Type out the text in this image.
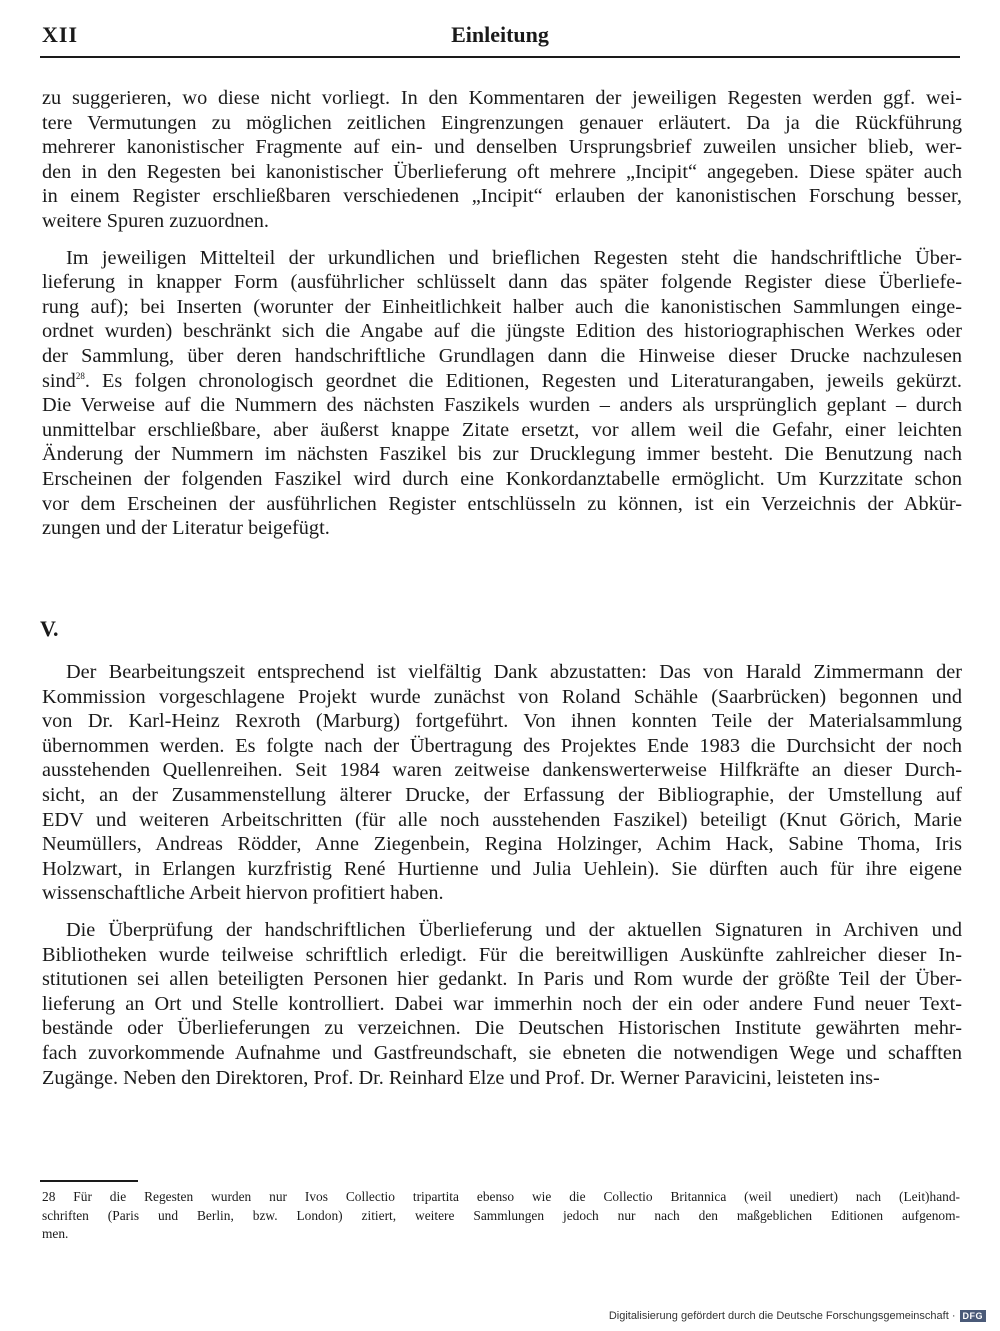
XII	Einleitung
zu suggerieren, wo diese nicht vorliegt. In den Kommentaren der jeweiligen Regesten werden ggf. wei-
tere Vermutungen zu möglichen zeitlichen Eingrenzungen genauer erläutert. Da ja die Rückführung
mehrerer kanonistischer Fragmente auf ein- und denselben Ursprungsbrief zuweilen unsicher blieb, wer-
den in den Regesten bei kanonistischer Überlieferung oft mehrere „Incipit“ angegeben. Diese später auch
in einem Register erschließbaren verschiedenen „Incipit“ erlauben der kanonistischen Forschung besser,
weitere Spuren zuzuordnen.
Im jeweiligen Mittelteil der urkundlichen und brieflichen Regesten steht die handschriftliche Über-
lieferung in knapper Form (ausführlicher schlüsselt dann das später folgende Register diese Überliefe-
rung auf); bei Inserten (worunter der Einheitlichkeit halber auch die kanonistischen Sammlungen einge-
ordnet wurden) beschränkt sich die Angabe auf die jüngste Edition des historiographischen Werkes oder
der Sammlung, über deren handschriftliche Grundlagen dann die Hinweise dieser Drucke nachzulesen
sind$^{28}$. Es folgen chronologisch geordnet die Editionen, Regesten und Literaturangaben, jeweils gekürzt.
Die Verweise auf die Nummern des nächsten Faszikels wurden – anders als ursprünglich geplant – durch
unmittelbar erschließbare, aber äußerst knappe Zitate ersetzt, vor allem weil die Gefahr, einer leichten
Änderung der Nummern im nächsten Faszikel bis zur Drucklegung immer besteht. Die Benutzung nach
Erscheinen der folgenden Faszikel wird durch eine Konkordanztabelle ermöglicht. Um Kurzzitate schon
vor dem Erscheinen der ausführlichen Register entschlüsseln zu können, ist ein Verzeichnis der Abkür-
zungen und der Literatur beigefügt.
V.
Der Bearbeitungszeit entsprechend ist vielfältig Dank abzustatten: Das von Harald Zimmermann der
Kommission vorgeschlagene Projekt wurde zunächst von Roland Schähle (Saarbrücken) begonnen und
von Dr. Karl-Heinz Rexroth (Marburg) fortgeführt. Von ihnen konnten Teile der Materialsammlung
übernommen werden. Es folgte nach der Übertragung des Projektes Ende 1983 die Durchsicht der noch
ausstehenden Quellenreihen. Seit 1984 waren zeitweise dankenswerterweise Hilfkräfte an dieser Durch-
sicht, an der Zusammenstellung älterer Drucke, der Erfassung der Bibliographie, der Umstellung auf
EDV und weiteren Arbeitschritten (für alle noch ausstehenden Faszikel) beteiligt (Knut Görich, Marie
Neumüllers, Andreas Rödder, Anne Ziegenbein, Regina Holzinger, Achim Hack, Sabine Thoma, Iris
Holzwart, in Erlangen kurzfristig René Hurtienne und Julia Uehlein). Sie dürften auch für ihre eigene
wissenschaftliche Arbeit hiervon profitiert haben.
Die Überprüfung der handschriftlichen Überlieferung und der aktuellen Signaturen in Archiven und
Bibliotheken wurde teilweise schriftlich erledigt. Für die bereitwilligen Auskünfte zahlreicher dieser In-
stitutionen sei allen beteiligten Personen hier gedankt. In Paris und Rom wurde der größte Teil der Über-
lieferung an Ort und Stelle kontrolliert. Dabei war immerhin noch der ein oder andere Fund neuer Text-
bestände oder Überlieferungen zu verzeichnen. Die Deutschen Historischen Institute gewährten mehr-
fach zuvorkommende Aufnahme und Gastfreundschaft, sie ebneten die notwendigen Wege und schafften
Zugänge. Neben den Direktoren, Prof. Dr. Reinhard Elze und Prof. Dr. Werner Paravicini, leisteten ins-
28 Für die Regesten wurden nur Ivos Collectio tripartita ebenso wie die Collectio Britannica (weil unediert) nach (Leit)hand-
schriften (Paris und Berlin, bzw. London) zitiert, weitere Sammlungen jedoch nur nach den maßgeblichen Editionen aufgenom-
men.
Digitalisierung gefördert durch die Deutsche Forschungsgemeinschaft · DFG
